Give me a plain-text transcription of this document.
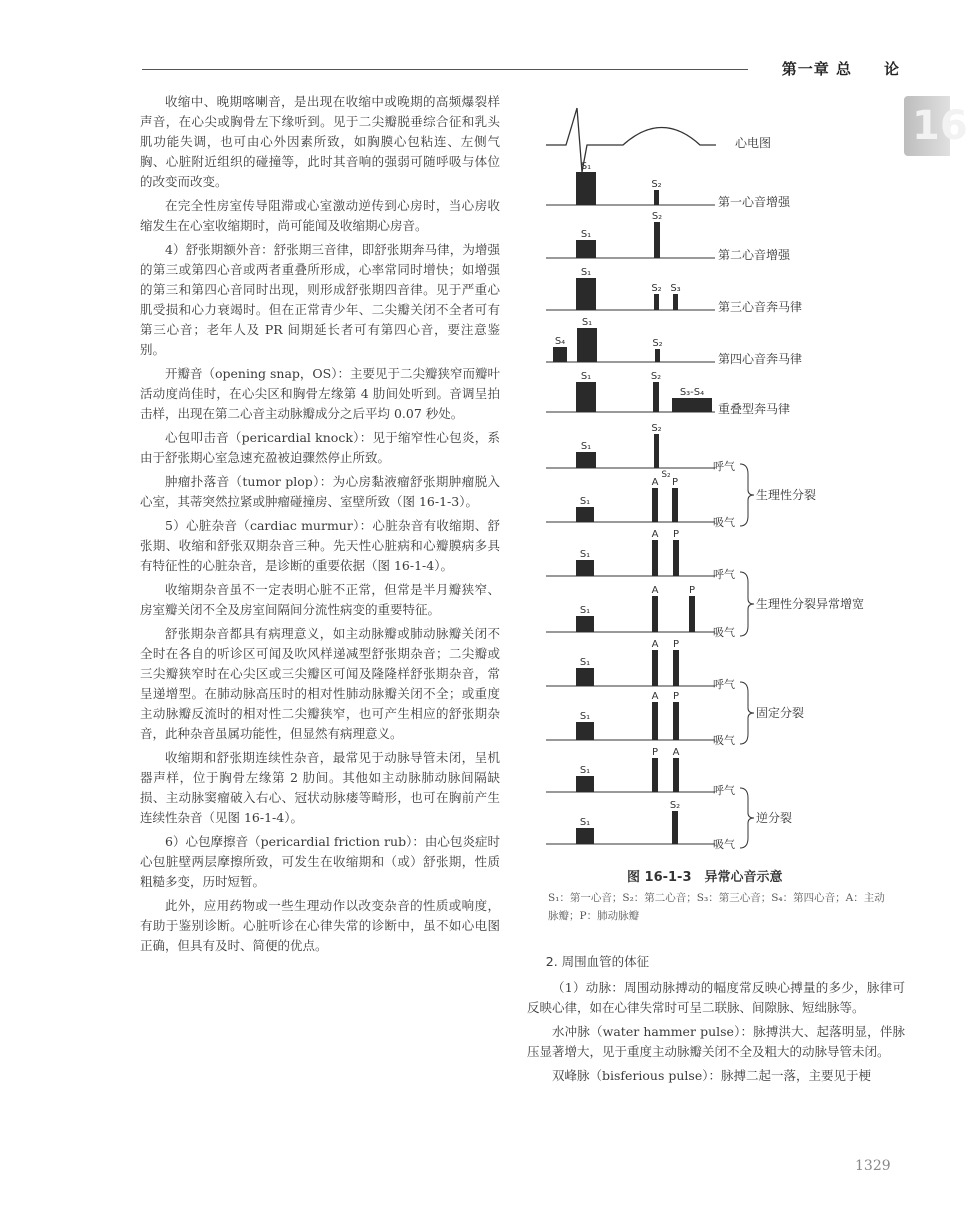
第一章 总　　论
16

收缩中、晚期喀喇音，是出现在收缩中或晚期的高频爆裂样声音，在心尖或胸骨左下缘听到。见于二尖瓣脱垂综合征和乳头肌功能失调，也可由心外因素所致，如胸膜心包粘连、左侧气胸、心脏附近组织的碰撞等，此时其音响的强弱可随呼吸与体位的改变而改变。

在完全性房室传导阻滞或心室激动逆传到心房时，当心房收缩发生在心室收缩期时，尚可能闻及收缩期心房音。

4）舒张期额外音：舒张期三音律，即舒张期奔马律，为增强的第三或第四心音或两者重叠所形成，心率常同时增快；如增强的第三和第四心音同时出现，则形成舒张期四音律。见于严重心肌受损和心力衰竭时。但在正常青少年、二尖瓣关闭不全者可有第三心音；老年人及 PR 间期延长者可有第四心音，要注意鉴别。

开瓣音（opening snap，OS）：主要见于二尖瓣狭窄而瓣叶活动度尚佳时，在心尖区和胸骨左缘第 4 肋间处听到。音调呈拍击样，出现在第二心音主动脉瓣成分之后平均 0.07 秒处。

心包叩击音（pericardial knock）：见于缩窄性心包炎，系由于舒张期心室急速充盈被迫骤然停止所致。

肿瘤扑落音（tumor plop）：为心房黏液瘤舒张期肿瘤脱入心室，其蒂突然拉紧或肿瘤碰撞房、室壁所致（图 16-1-3）。

5）心脏杂音（cardiac murmur）：心脏杂音有收缩期、舒张期、收缩和舒张双期杂音三种。先天性心脏病和心瓣膜病多具有特征性的心脏杂音，是诊断的重要依据（图 16-1-4）。

收缩期杂音虽不一定表明心脏不正常，但常是半月瓣狭窄、房室瓣关闭不全及房室间隔间分流性病变的重要特征。

舒张期杂音都具有病理意义，如主动脉瓣或肺动脉瓣关闭不全时在各自的听诊区可闻及吹风样递减型舒张期杂音；二尖瓣或三尖瓣狭窄时在心尖区或三尖瓣区可闻及隆隆样舒张期杂音，常呈递增型。在肺动脉高压时的相对性肺动脉瓣关闭不全；或重度主动脉瓣反流时的相对性二尖瓣狭窄，也可产生相应的舒张期杂音，此种杂音虽属功能性，但显然有病理意义。

收缩期和舒张期连续性杂音，最常见于动脉导管未闭，呈机器声样，位于胸骨左缘第 2 肋间。其他如主动脉肺动脉间隔缺损、主动脉窦瘤破入右心、冠状动脉瘘等畸形，也可在胸前产生连续性杂音（见图 16-1-4）。

6）心包摩擦音（pericardial friction rub）：由心包炎症时心包脏壁两层摩擦所致，可发生在收缩期和（或）舒张期，性质粗糙多变，历时短暂。

此外，应用药物或一些生理动作以改变杂音的性质或响度，有助于鉴别诊断。心脏听诊在心律失常的诊断中，虽不如心电图正确，但具有及时、简便的优点。

心电图
S₁
S₂
第一心音增强
S₁
S₂
第二心音增强
S₁
S₂ S₃
第三心音奔马律
S₄
S₁
S₂
第四心音奔马律
S₁	S₂
S₃-S₄
重叠型奔马律
S₁
S₂
S₁
A P
S₂
呼气
吸气
生理性分裂
S₁
A P
S₁
A	P
呼气
吸气
生理性分裂异常增宽
S₁
A P
S₁
A P
呼气
吸气
固定分裂
S₁
P A
S₁
S₂
呼气
吸气
逆分裂
图 16-1-3　异常心音示意
S₁：第一心音；S₂：第二心音；S₃：第三心音；S₄：第四心音；A：主动脉瓣；P：肺动脉瓣

2. 周围血管的体征

（1）动脉：周围动脉搏动的幅度常反映心搏量的多少，脉律可反映心律，如在心律失常时可呈二联脉、间隙脉、短绌脉等。

水冲脉（water hammer pulse）：脉搏洪大、起落明显，伴脉压显著增大，见于重度主动脉瓣关闭不全及粗大的动脉导管未闭。

双峰脉（bisferious pulse）：脉搏二起一落，主要见于梗

1329
